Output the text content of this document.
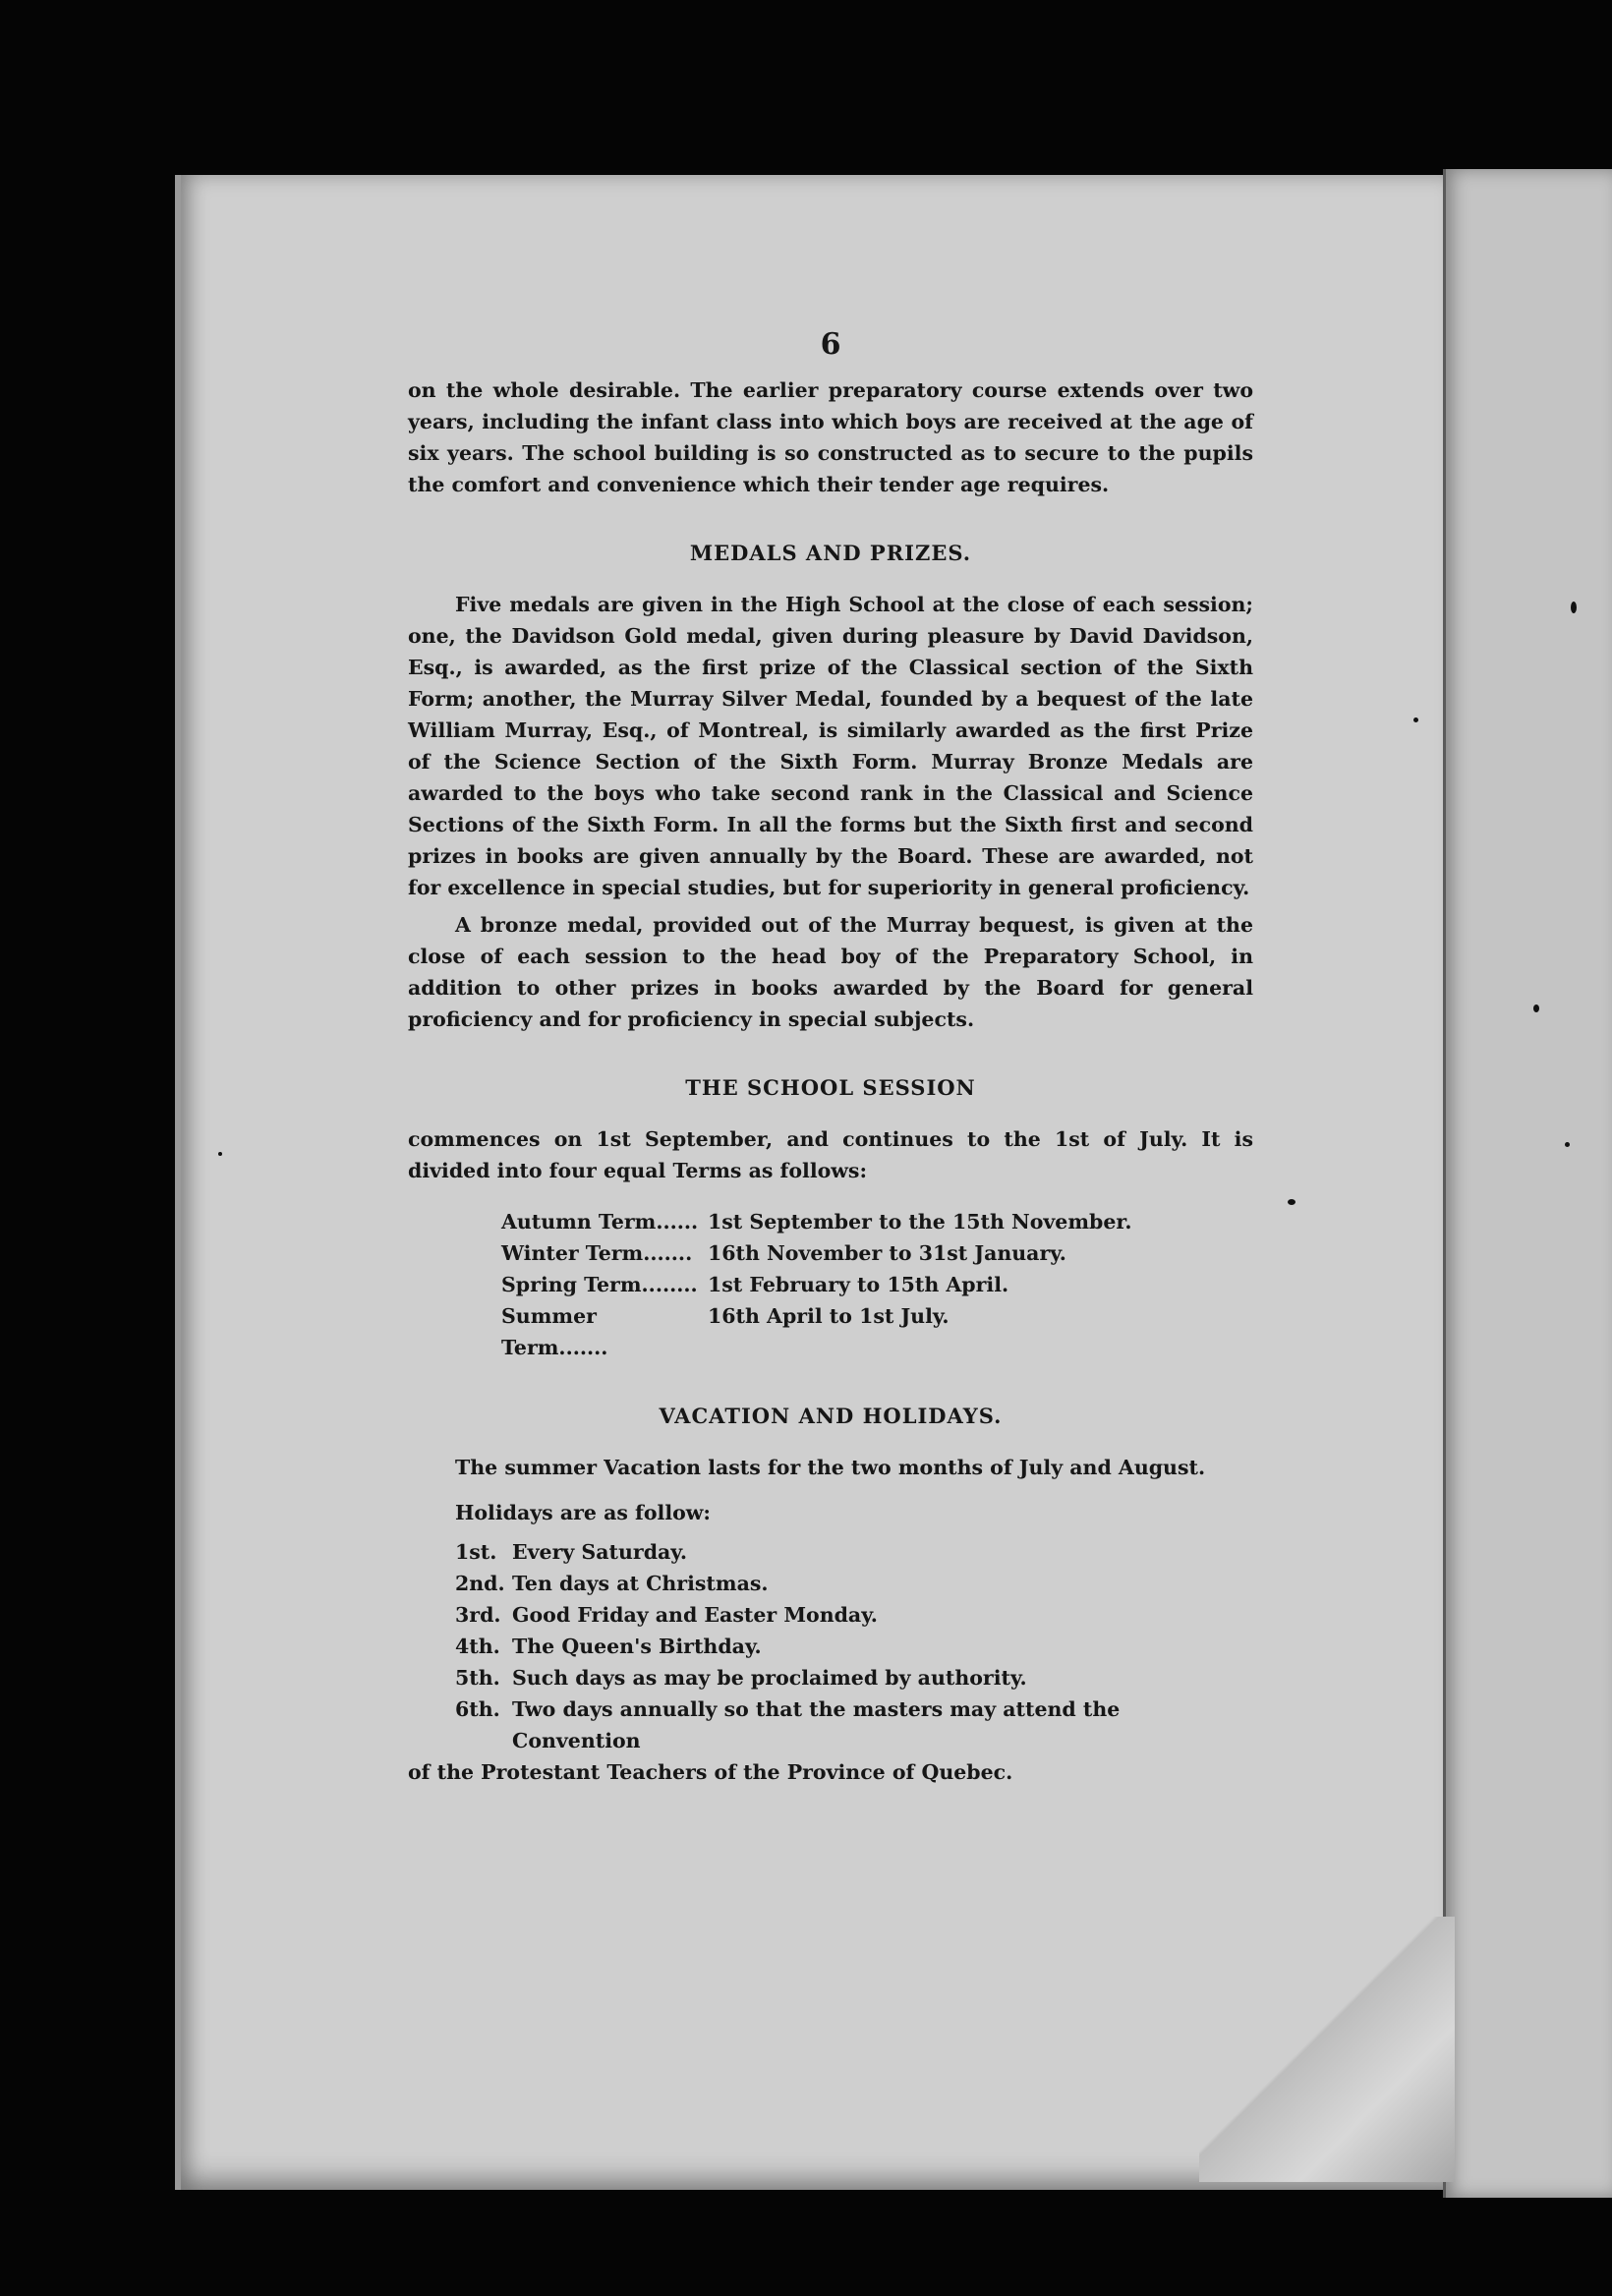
6

on the whole desirable. The earlier preparatory course extends over two years, including the infant class into which boys are received at the age of six years. The school building is so constructed as to secure to the pupils the comfort and convenience which their tender age requires.

MEDALS AND PRIZES.

Five medals are given in the High School at the close of each session; one, the Davidson Gold medal, given during pleasure by David Davidson, Esq., is awarded, as the first prize of the Classical section of the Sixth Form; another, the Murray Silver Medal, founded by a bequest of the late William Murray, Esq., of Montreal, is similarly awarded as the first Prize of the Science Section of the Sixth Form. Murray Bronze Medals are awarded to the boys who take second rank in the Classical and Science Sections of the Sixth Form. In all the forms but the Sixth first and second prizes in books are given annually by the Board. These are awarded, not for excellence in special studies, but for superiority in general proficiency.

A bronze medal, provided out of the Murray bequest, is given at the close of each session to the head boy of the Preparatory School, in addition to other prizes in books awarded by the Board for general proficiency and for proficiency in special subjects.

THE SCHOOL SESSION

commences on 1st September, and continues to the 1st of July. It is divided into four equal Terms as follows:

Autumn Term...... 1st September to the 15th November.
Winter Term....... 16th November to 31st January.
Spring Term........ 1st February to 15th April.
Summer Term.......
16th April to 1st July.
VACATION AND HOLIDAYS.

The summer Vacation lasts for the two months of July and August.

Holidays are as follow:

1st. Every Saturday.
2nd. Ten days at Christmas.
3rd. Good Friday and Easter Monday.
4th. The Queen's Birthday.
5th. Such days as may be proclaimed by authority.
6th. Two days annually so that the masters may attend the Convention
of the Protestant Teachers of the Province of Quebec.
